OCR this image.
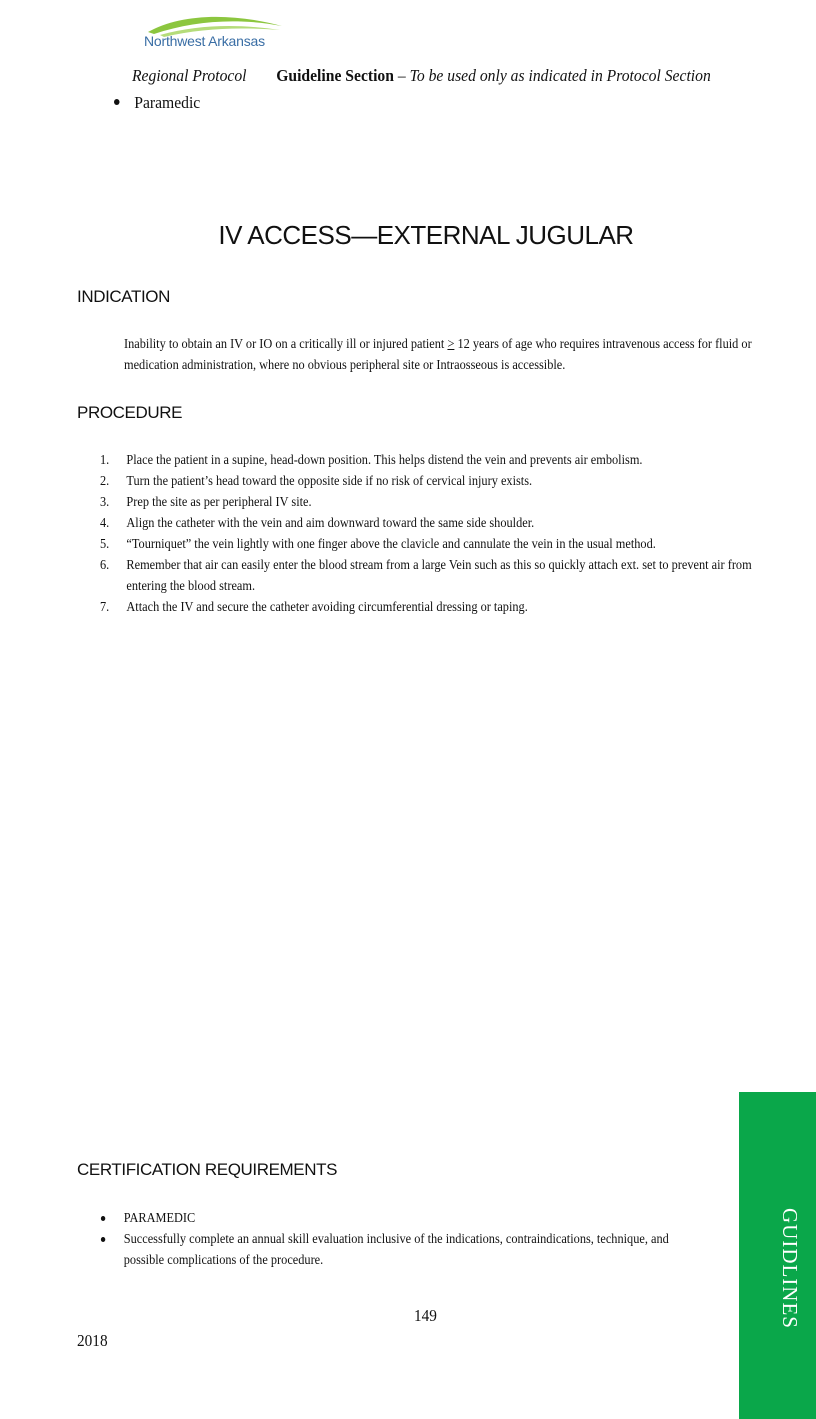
Northwest Arkansas
Regional Protocol Guideline Section – To be used only as indicated in Protocol Section
Paramedic
IV ACCESS—EXTERNAL JUGULAR
INDICATION
Inability to obtain an IV or IO on a critically ill or injured patient ≥ 12 years of age who requires intravenous access for fluid or medication administration, where no obvious peripheral site or Intraosseous is accessible.
PROCEDURE
1. Place the patient in a supine, head-down position. This helps distend the vein and prevents air embolism.
2. Turn the patient’s head toward the opposite side if no risk of cervical injury exists.
3. Prep the site as per peripheral IV site.
4. Align the catheter with the vein and aim downward toward the same side shoulder.
5. “Tourniquet” the vein lightly with one finger above the clavicle and cannulate the vein in the usual method.
6. Remember that air can easily enter the blood stream from a large Vein such as this so quickly attach ext. set to prevent air from entering the blood stream.
7. Attach the IV and secure the catheter avoiding circumferential dressing or taping.
CERTIFICATION REQUIREMENTS
PARAMEDIC
Successfully complete an annual skill evaluation inclusive of the indications, contraindications, technique, and possible complications of the procedure.
149
2018
GUIDLINES
